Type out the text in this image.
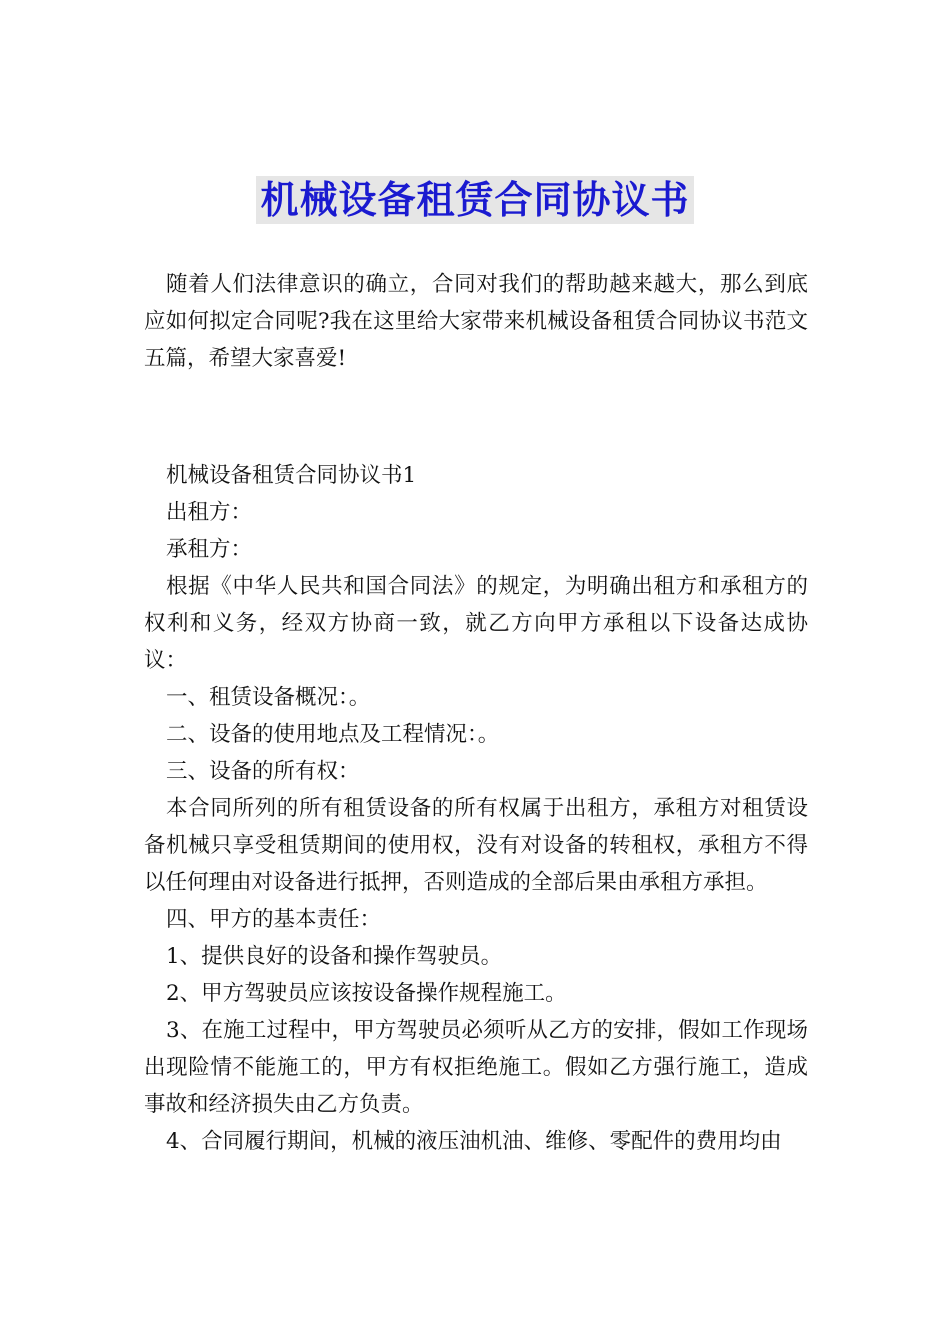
机械设备租赁合同协议书

随着人们法律意识的确立，合同对我们的帮助越来越大，那么到底应如何拟定合同呢?我在这里给大家带来机械设备租赁合同协议书范文五篇，希望大家喜爱!

机械设备租赁合同协议书1

出租方：

承租方：

根据《中华人民共和国合同法》的规定，为明确出租方和承租方的权利和义务，经双方协商一致，就乙方向甲方承租以下设备达成协议：

一、租赁设备概况：。

二、设备的使用地点及工程情况：。

三、设备的所有权：

本合同所列的所有租赁设备的所有权属于出租方，承租方对租赁设备机械只享受租赁期间的使用权，没有对设备的转租权，承租方不得以任何理由对设备进行抵押，否则造成的全部后果由承租方承担。

四、甲方的基本责任：

1、提供良好的设备和操作驾驶员。

2、甲方驾驶员应该按设备操作规程施工。

3、在施工过程中，甲方驾驶员必须听从乙方的安排，假如工作现场出现险情不能施工的，甲方有权拒绝施工。假如乙方强行施工，造成事故和经济损失由乙方负责。

4、合同履行期间，机械的液压油机油、维修、零配件的费用均由
